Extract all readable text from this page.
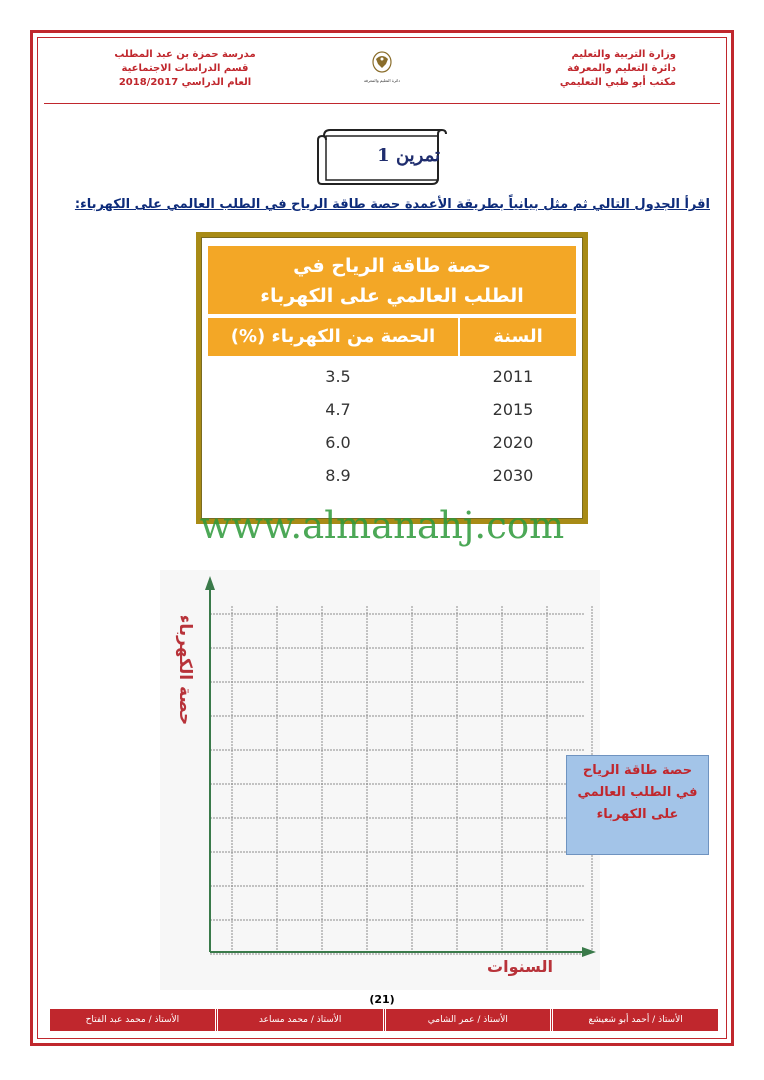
وزارة التربية والتعليم
دائرة التعليم والمعرفة
مكتب أبو ظبي التعليمي
دائرة التعليم والمعرفة
مدرسة حمزة بن عبد المطلب
قسم الدراسات الاجتماعية
العام الدراسي 2018/2017
تمرين 1
اقرأ الجدول التالي ثم مثل بيانياً بطريقة الأعمدة حصة طاقة الرياح في الطلب العالمي على الكهرباء:
حصة طاقة الرياح في
الطلب العالمي على الكهرباء
السنة
الحصة من الكهرباء (%)
2011
3.5
2015
4.7
2020
6.0
2030
8.9
www.almanahj.com
حصة الكهرباء
السنوات
حصة طاقة الرياح
في الطلب العالمي
على الكهرباء
(21)
الأستاذ / أحمد أبو شعيشع
الأستاذ / عمر الشامي
الأستاذ / محمد مساعد
الأستاذ / محمد عبد الفتاح
